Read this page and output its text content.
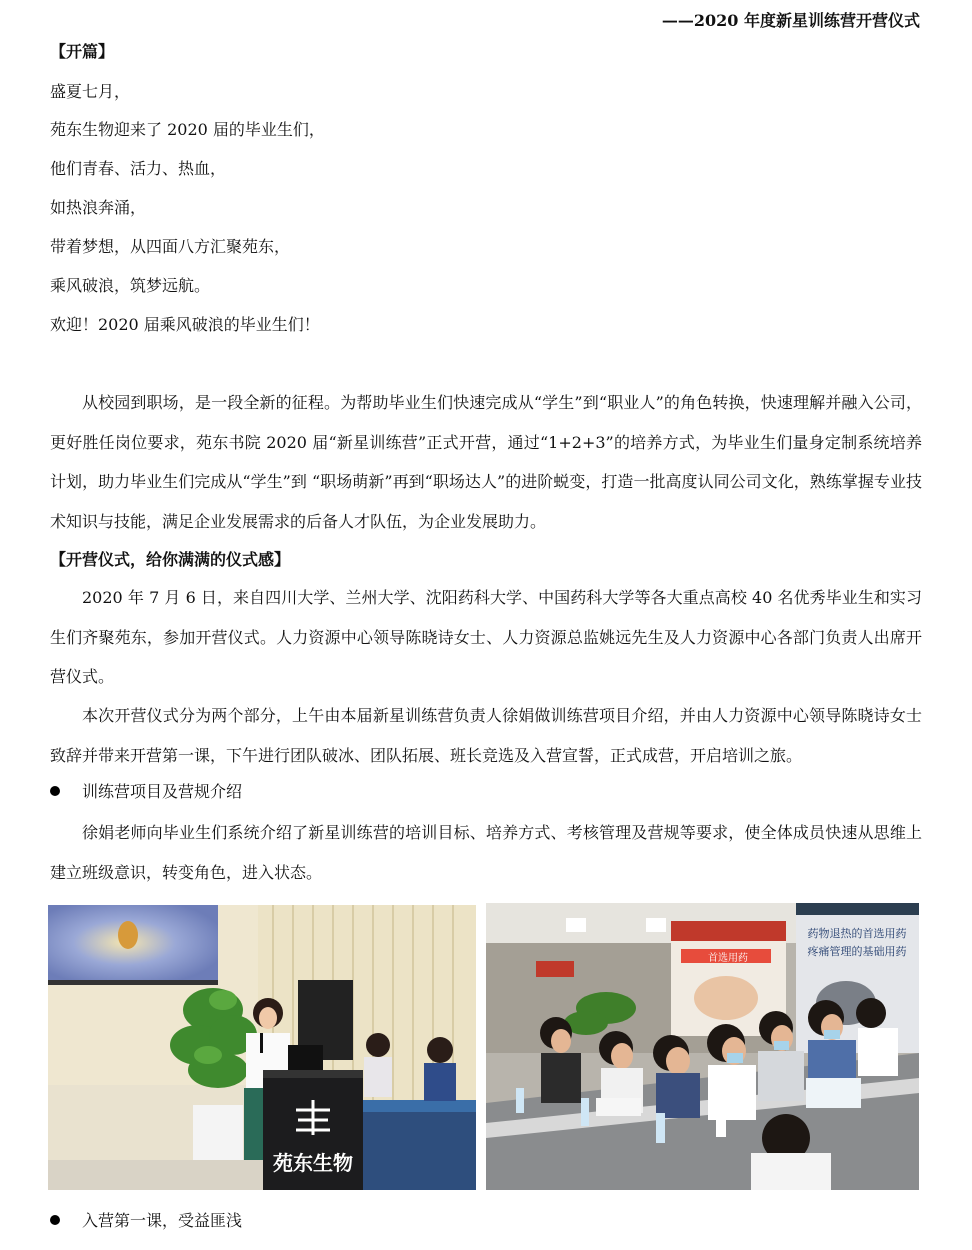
——2020 年度新星训练营开营仪式
【开篇】
盛夏七月，
苑东生物迎来了 2020 届的毕业生们，
他们青春、活力、热血，
如热浪奔涌，
带着梦想，从四面八方汇聚苑东，
乘风破浪，筑梦远航。
欢迎！2020 届乘风破浪的毕业生们！
从校园到职场，是一段全新的征程。为帮助毕业生们快速完成从“学生”到“职业人”的角色转换，快速理解并融入公司，更好胜任岗位要求，苑东书院 2020 届“新星训练营”正式开营，通过“1+2+3”的培养方式，为毕业生们量身定制系统培养计划，助力毕业生们完成从“学生”到 “职场萌新”再到“职场达人”的进阶蜕变，打造一批高度认同公司文化，熟练掌握专业技术知识与技能，满足企业发展需求的后备人才队伍，为企业发展助力。
【开营仪式，给你满满的仪式感】
2020 年 7 月 6 日，来自四川大学、兰州大学、沈阳药科大学、中国药科大学等各大重点高校 40 名优秀毕业生和实习生们齐聚苑东，参加开营仪式。人力资源中心领导陈晓诗女士、人力资源总监姚远先生及人力资源中心各部门负责人出席开营仪式。
本次开营仪式分为两个部分，上午由本届新星训练营负责人徐娟做训练营项目介绍，并由人力资源中心领导陈晓诗女士致辞并带来开营第一课，下午进行团队破冰、团队拓展、班长竞选及入营宣誓，正式成营，开启培训之旅。
训练营项目及营规介绍
徐娟老师向毕业生们系统介绍了新星训练营的培训目标、培养方式、考核管理及营规等要求，使全体成员快速从思维上建立班级意识，转变角色，进入状态。
苑东生物
首选用药
药物退热的首选用药
疼痛管理的基础用药
入营第一课，受益匪浅
